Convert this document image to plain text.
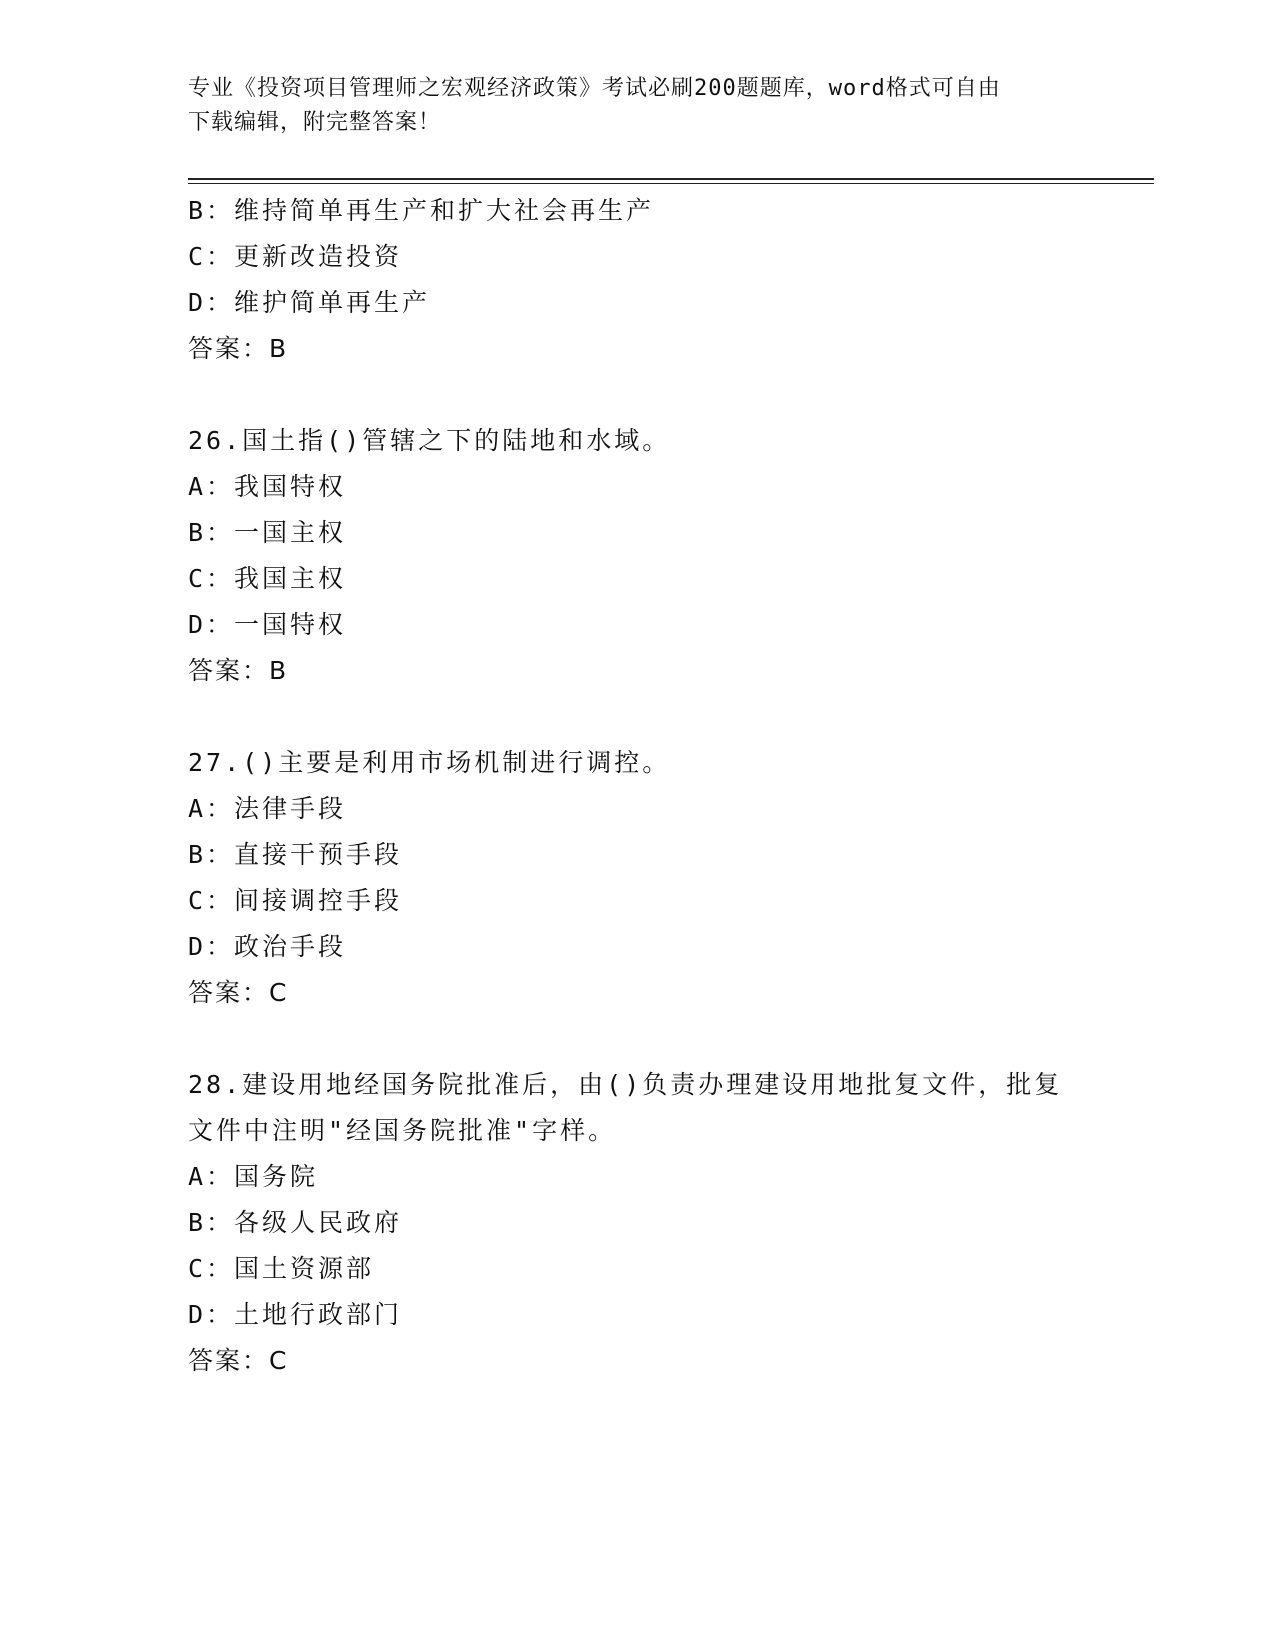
专业《投资项目管理师之宏观经济政策》考试必刷200题题库，word格式可自由
下载编辑，附完整答案！
B：维持简单再生产和扩大社会再生产
C：更新改造投资
D：维护简单再生产
答案：B
26.国土指()管辖之下的陆地和水域。
A：我国特权
B：一国主权
C：我国主权
D：一国特权
答案：B
27.()主要是利用市场机制进行调控。
A：法律手段
B：直接干预手段
C：间接调控手段
D：政治手段
答案：C
28.建设用地经国务院批准后，由()负责办理建设用地批复文件，批复
文件中注明"经国务院批准"字样。
A：国务院
B：各级人民政府
C：国土资源部
D：土地行政部门
答案：C
